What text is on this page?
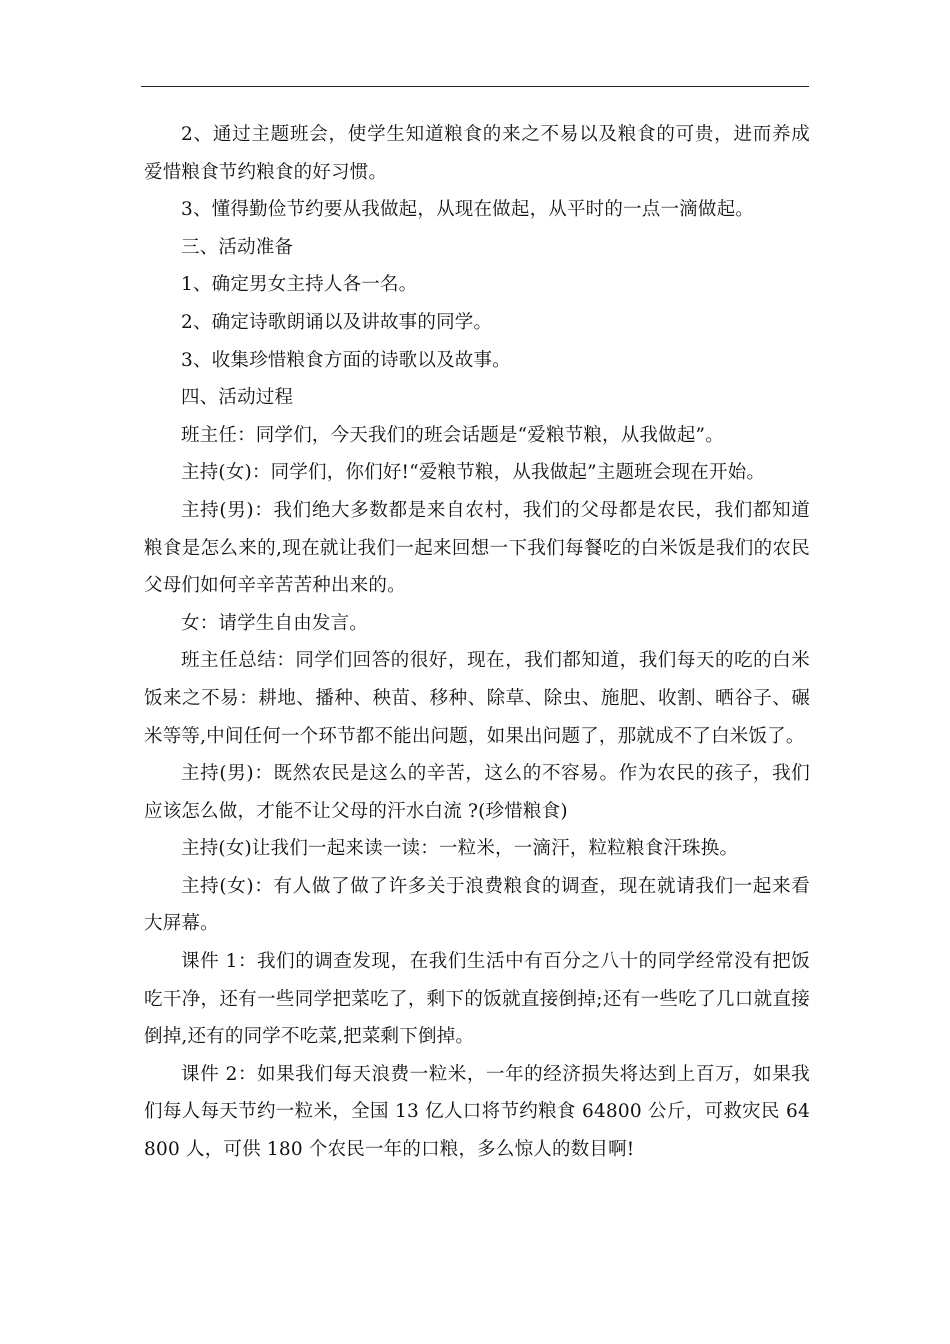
2、通过主题班会，使学生知道粮食的来之不易以及粮食的可贵，进而养成爱惜粮食节约粮食的好习惯。

3、懂得勤俭节约要从我做起，从现在做起，从平时的一点一滴做起。

三、活动准备

1、确定男女主持人各一名。

2、确定诗歌朗诵以及讲故事的同学。

3、收集珍惜粮食方面的诗歌以及故事。

四、活动过程

班主任：同学们，今天我们的班会话题是“爱粮节粮，从我做起”。

主持(女)：同学们，你们好!“爱粮节粮，从我做起”主题班会现在开始。

主持(男)：我们绝大多数都是来自农村，我们的父母都是农民，我们都知道粮食是怎么来的,现在就让我们一起来回想一下我们每餐吃的白米饭是我们的农民父母们如何辛辛苦苦种出来的。

女：请学生自由发言。

班主任总结：同学们回答的很好，现在，我们都知道，我们每天的吃的白米饭来之不易：耕地、播种、秧苗、移种、除草、除虫、施肥、收割、晒谷子、碾米等等,中间任何一个环节都不能出问题，如果出问题了，那就成不了白米饭了。

主持(男)：既然农民是这么的辛苦，这么的不容易。作为农民的孩子，我们应该怎么做，才能不让父母的汗水白流 ?(珍惜粮食)

主持(女)让我们一起来读一读：一粒米，一滴汗，粒粒粮食汗珠换。

主持(女)：有人做了做了许多关于浪费粮食的调查，现在就请我们一起来看大屏幕。

课件 1：我们的调查发现，在我们生活中有百分之八十的同学经常没有把饭吃干净，还有一些同学把菜吃了，剩下的饭就直接倒掉;还有一些吃了几口就直接倒掉,还有的同学不吃菜,把菜剩下倒掉。

课件 2：如果我们每天浪费一粒米，一年的经济损失将达到上百万，如果我们每人每天节约一粒米，全国 13 亿人口将节约粮食 64800 公斤，可救灾民 64800 人，可供 180 个农民一年的口粮，多么惊人的数目啊!
